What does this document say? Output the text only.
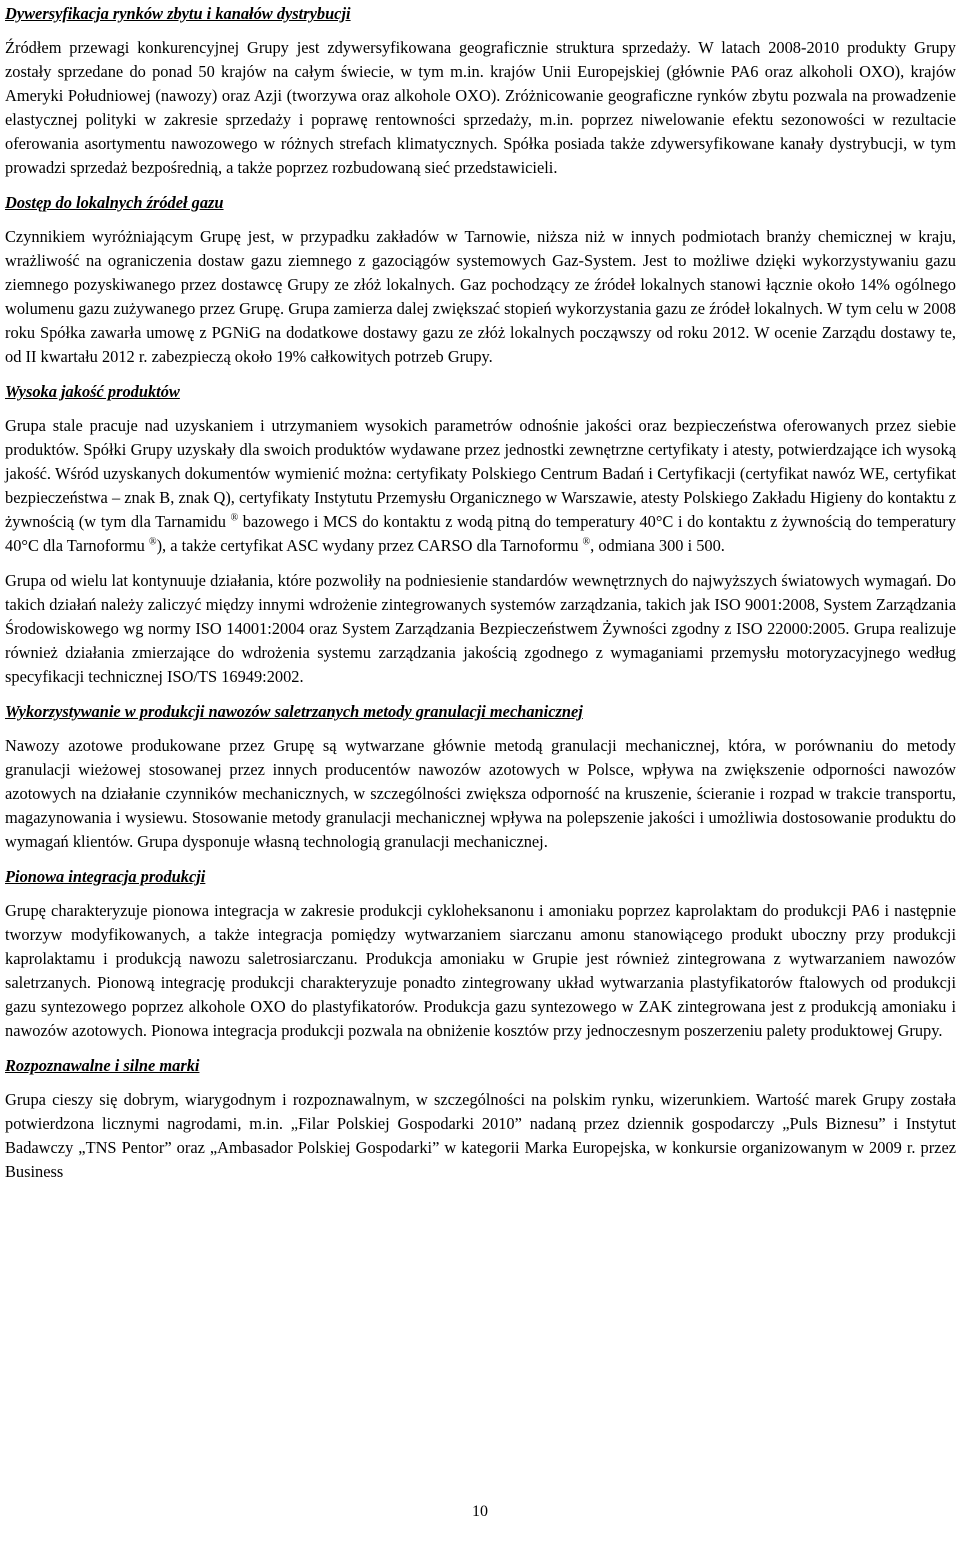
Dywersyfikacja rynków zbytu i kanałów dystrybucji

Źródłem przewagi konkurencyjnej Grupy jest zdywersyfikowana geograficznie struktura sprzedaży. W latach 2008-2010 produkty Grupy zostały sprzedane do ponad 50 krajów na całym świecie, w tym m.in. krajów Unii Europejskiej (głównie PA6 oraz alkoholi OXO), krajów Ameryki Południowej (nawozy) oraz Azji (tworzywa oraz alkohole OXO). Zróżnicowanie geograficzne rynków zbytu pozwala na prowadzenie elastycznej polityki w zakresie sprzedaży i poprawę rentowności sprzedaży, m.in. poprzez niwelowanie efektu sezonowości w rezultacie oferowania asortymentu nawozowego w różnych strefach klimatycznych. Spółka posiada także zdywersyfikowane kanały dystrybucji, w tym prowadzi sprzedaż bezpośrednią, a także poprzez rozbudowaną sieć przedstawicieli.

Dostęp do lokalnych źródeł gazu

Czynnikiem wyróżniającym Grupę jest, w przypadku zakładów w Tarnowie, niższa niż w innych podmiotach branży chemicznej w kraju, wrażliwość na ograniczenia dostaw gazu ziemnego z gazociągów systemowych Gaz-System. Jest to możliwe dzięki wykorzystywaniu gazu ziemnego pozyskiwanego przez dostawcę Grupy ze złóż lokalnych. Gaz pochodzący ze źródeł lokalnych stanowi łącznie około 14% ogólnego wolumenu gazu zużywanego przez Grupę. Grupa zamierza dalej zwiększać stopień wykorzystania gazu ze źródeł lokalnych. W tym celu w 2008 roku Spółka zawarła umowę z PGNiG na dodatkowe dostawy gazu ze złóż lokalnych począwszy od roku 2012. W ocenie Zarządu dostawy te, od II kwartału 2012 r. zabezpieczą około 19% całkowitych potrzeb Grupy.

Wysoka jakość produktów

Grupa stale pracuje nad uzyskaniem i utrzymaniem wysokich parametrów odnośnie jakości oraz bezpieczeństwa oferowanych przez siebie produktów. Spółki Grupy uzyskały dla swoich produktów wydawane przez jednostki zewnętrzne certyfikaty i atesty, potwierdzające ich wysoką jakość. Wśród uzyskanych dokumentów wymienić można: certyfikaty Polskiego Centrum Badań i Certyfikacji (certyfikat nawóz WE, certyfikat bezpieczeństwa – znak B, znak Q), certyfikaty Instytutu Przemysłu Organicznego w Warszawie, atesty Polskiego Zakładu Higieny do kontaktu z żywnością (w tym dla Tarnamidu ® bazowego i MCS do kontaktu z wodą pitną do temperatury 40°C i do kontaktu z żywnością do temperatury 40°C dla Tarnoformu ®), a także certyfikat ASC wydany przez CARSO dla Tarnoformu ®, odmiana 300 i 500.

Grupa od wielu lat kontynuuje działania, które pozwoliły na podniesienie standardów wewnętrznych do najwyższych światowych wymagań. Do takich działań należy zaliczyć między innymi wdrożenie zintegrowanych systemów zarządzania, takich jak ISO 9001:2008, System Zarządzania Środowiskowego wg normy ISO 14001:2004 oraz System Zarządzania Bezpieczeństwem Żywności zgodny z ISO 22000:2005. Grupa realizuje również działania zmierzające do wdrożenia systemu zarządzania jakością zgodnego z wymaganiami przemysłu motoryzacyjnego według specyfikacji technicznej ISO/TS 16949:2002.

Wykorzystywanie w produkcji nawozów saletrzanych metody granulacji mechanicznej

Nawozy azotowe produkowane przez Grupę są wytwarzane głównie metodą granulacji mechanicznej, która, w porównaniu do metody granulacji wieżowej stosowanej przez innych producentów nawozów azotowych w Polsce, wpływa na zwiększenie odporności nawozów azotowych na działanie czynników mechanicznych, w szczególności zwiększa odporność na kruszenie, ścieranie i rozpad w trakcie transportu, magazynowania i wysiewu. Stosowanie metody granulacji mechanicznej wpływa na polepszenie jakości i umożliwia dostosowanie produktu do wymagań klientów. Grupa dysponuje własną technologią granulacji mechanicznej.

Pionowa integracja produkcji

Grupę charakteryzuje pionowa integracja w zakresie produkcji cykloheksanonu i amoniaku poprzez kaprolaktam do produkcji PA6 i następnie tworzyw modyfikowanych, a także integracja pomiędzy wytwarzaniem siarczanu amonu stanowiącego produkt uboczny przy produkcji kaprolaktamu i produkcją nawozu saletrosiarczanu. Produkcja amoniaku w Grupie jest również zintegrowana z wytwarzaniem nawozów saletrzanych. Pionową integrację produkcji charakteryzuje ponadto zintegrowany układ wytwarzania plastyfikatorów ftalowych od produkcji gazu syntezowego poprzez alkohole OXO do plastyfikatorów. Produkcja gazu syntezowego w ZAK zintegrowana jest z produkcją amoniaku i nawozów azotowych. Pionowa integracja produkcji pozwala na obniżenie kosztów przy jednoczesnym poszerzeniu palety produktowej Grupy.

Rozpoznawalne i silne marki

Grupa cieszy się dobrym, wiarygodnym i rozpoznawalnym, w szczególności na polskim rynku, wizerunkiem. Wartość marek Grupy została potwierdzona licznymi nagrodami, m.in. „Filar Polskiej Gospodarki 2010” nadaną przez dziennik gospodarczy „Puls Biznesu” i Instytut Badawczy „TNS Pentor” oraz „Ambasador Polskiej Gospodarki” w kategorii Marka Europejska, w konkursie organizowanym w 2009 r. przez Business

10
